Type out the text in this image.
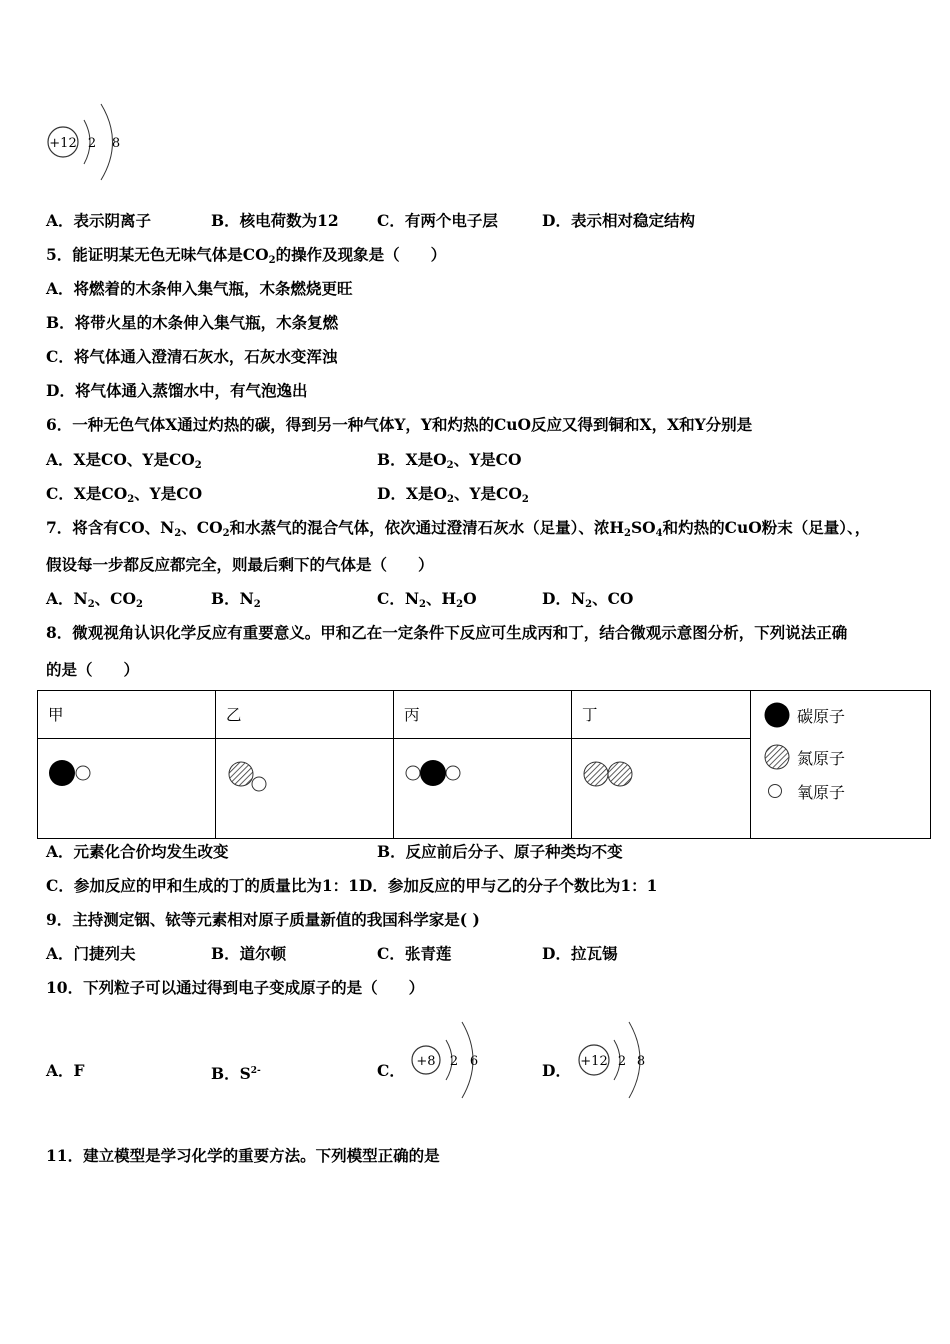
+12 2 8
A．表示阴离子	B．核电荷数为12 C．有两个电子层	D．表示相对稳定结构
5．能证明某无色无味气体是$CO_2$的操作及现象是（　　）
A．将燃着的木条伸入集气瓶，木条燃烧更旺
B．将带火星的木条伸入集气瓶，木条复燃
C．将气体通入澄清石灰水，石灰水变浑浊
D．将气体通入蒸馏水中，有气泡逸出
6．一种无色气体X通过灼热的碳，得到另一种气体Y，Y和灼热的CuO反应又得到铜和X，X和Y分别是
A．X是CO、Y是$CO_2$	B．X是$O_2$、Y是CO
C．X是$CO_2$、Y是CO	D．X是$O_2$、Y是$CO_2$
7．将含有CO、$N_2$、$CO_2$和水蒸气的混合气体，依次通过澄清石灰水（足量）、浓$H_2SO_4$和灼热的CuO粉末（足量）、，
假设每一步都反应都完全，则最后剩下的气体是（　　）
A．$N_2$、$CO_2$	B．$N_2$	C．$N_2$、$H_2O$	D．$N_2$、CO
8．微观视角认识化学反应有重要意义。甲和乙在一定条件下反应可生成丙和丁，结合微观示意图分析，下列说法正确
的是（　　）
甲	乙	丙	丁	碳原子
氮原子
氧原子

A．元素化合价均发生改变	B．反应前后分子、原子种类均不变
C．参加反应的甲和生成的丁的质量比为1：1D．参加反应的甲与乙的分子个数比为1：1
9．主持测定铟、铱等元素相对原子质量新值的我国科学家是( )
A．门捷列夫	B．道尔顿	C．张青莲	D．拉瓦锡
10．下列粒子可以通过得到电子变成原子的是（　　）
A．F	B．$S^{2-}$	C．	D．
+8 2 6	+12 2 8
11．建立模型是学习化学的重要方法。下列模型正确的是
